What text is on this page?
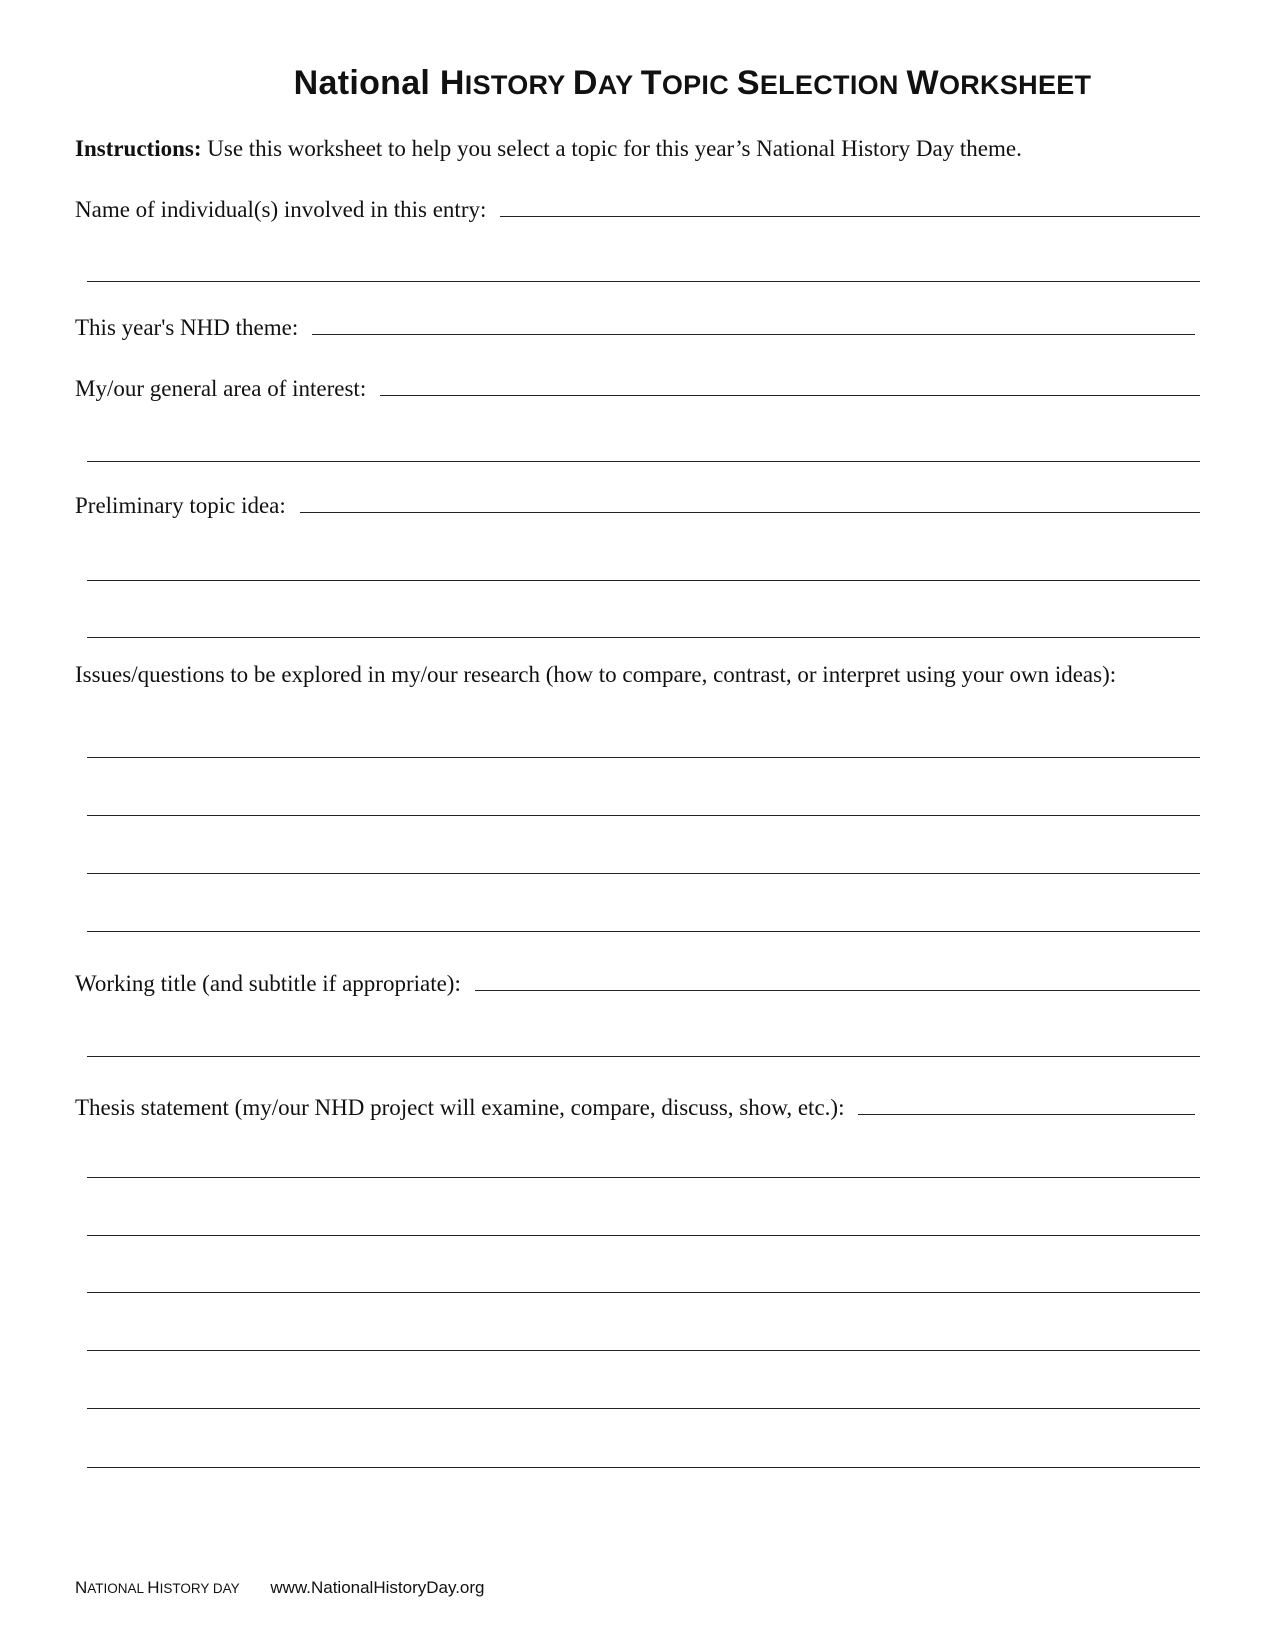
National HISTORY DAY TOPIC SELECTION WORKSHEET
Instructions: Use this worksheet to help you select a topic for this year’s National History Day theme.
Name of individual(s) involved in this entry:
This year's NHD theme:
My/our general area of interest:
Preliminary topic idea:
Issues/questions to be explored in my/our research (how to compare, contrast, or interpret using your own ideas):
Working title (and subtitle if appropriate):
Thesis statement (my/our NHD project will examine, compare, discuss, show, etc.):
NATIONAL HISTORY DAY www.NationalHistoryDay.org
